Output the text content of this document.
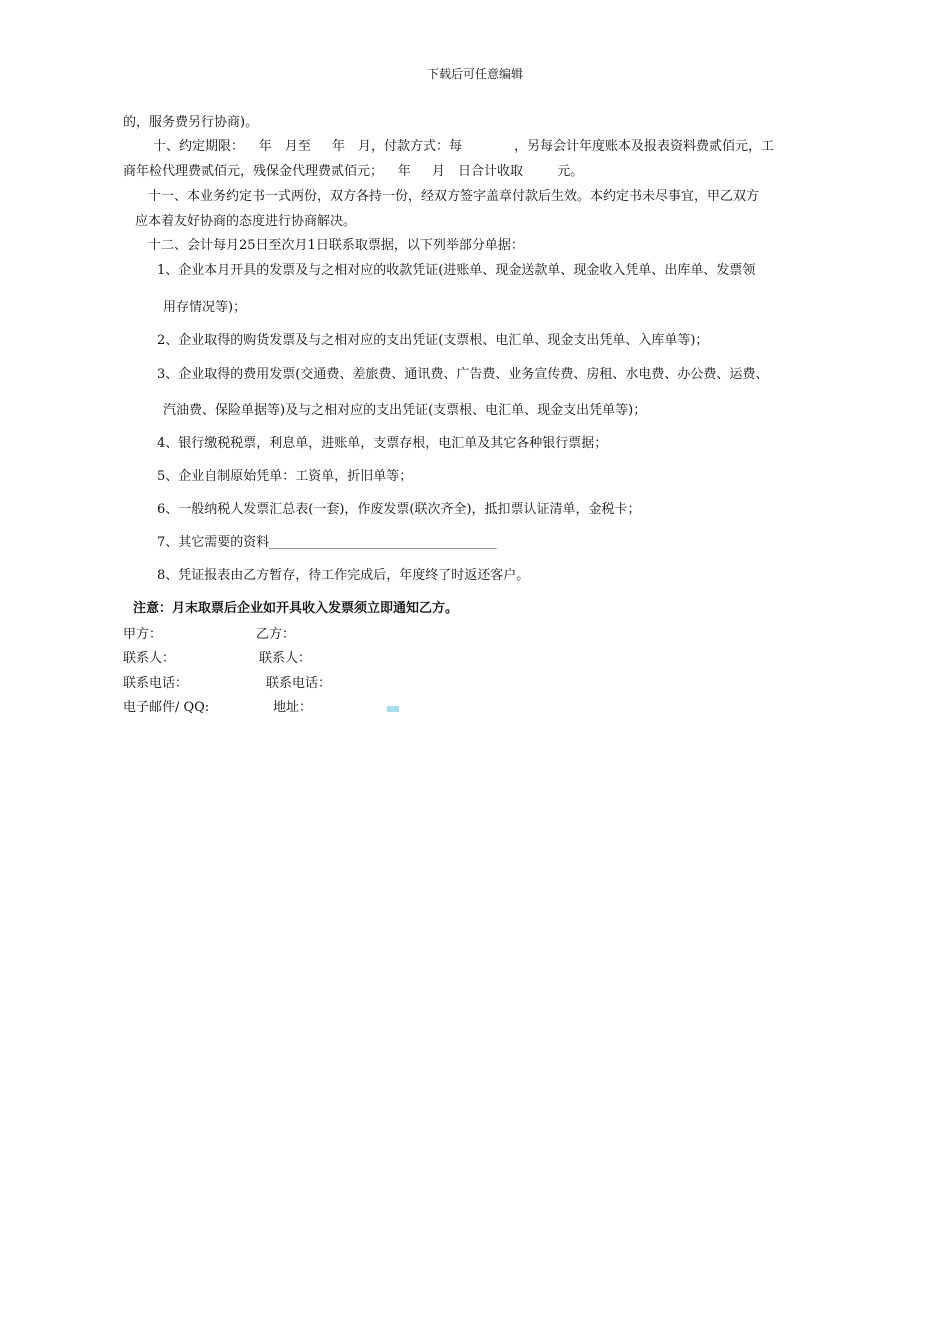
下载后可任意编辑
的，服务费另行协商)。
十、约定期限：　  年　月至　  年　月，付款方式：每　　　　，另每会计年度账本及报表资料费贰佰元，工
商年检代理费贰佰元，残保金代理费贰佰元；　  年　  月　日合计收取　　  元。
十一、本业务约定书一式两份，双方各持一份，经双方签字盖章付款后生效。本约定书未尽事宜，甲乙双方
应本着友好协商的态度进行协商解决。
十二、会计每月25日至次月1日联系取票据，以下列举部分单据：
1、企业本月开具的发票及与之相对应的收款凭证(进账单、现金送款单、现金收入凭单、出库单、发票领
用存情况等)；
2、企业取得的购货发票及与之相对应的支出凭证(支票根、电汇单、现金支出凭单、入库单等)；
3、企业取得的费用发票(交通费、差旅费、通讯费、广告费、业务宣传费、房租、水电费、办公费、运费、
汽油费、保险单据等)及与之相对应的支出凭证(支票根、电汇单、现金支出凭单等)；
4、银行缴税税票，利息单，进账单，支票存根，电汇单及其它各种银行票据；
5、企业自制原始凭单：工资单，折旧单等；
6、一般纳税人发票汇总表(一套)，作废发票(联次齐全)，抵扣票认证清单，金税卡；
7、其它需要的资料___________________________________
8、凭证报表由乙方暂存，待工作完成后，年度终了时返还客户。
注意：月末取票后企业如开具收入发票须立即通知乙方。
甲方：	乙方：
联系人：	联系人：
联系电话：	联系电话：
电子邮件/ QQ:	地址：
